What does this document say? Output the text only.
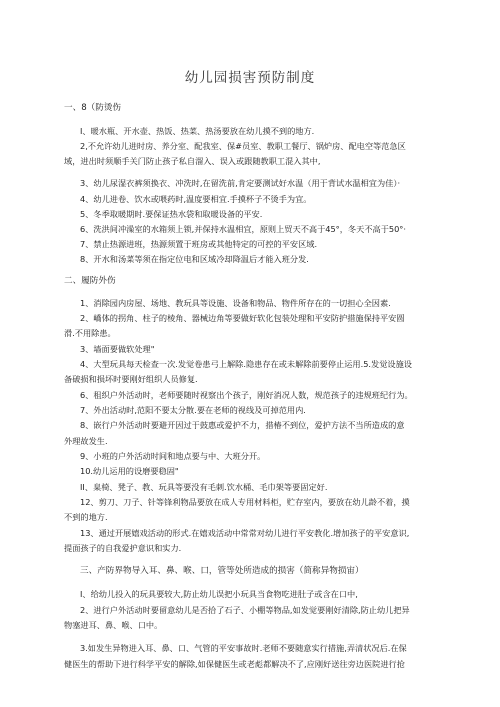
幼儿园损害预防制度
一、8（防烫伤
I、暖水瓶、开水壶、热饭、热菜、热汤要放在幼儿摸不到的地方.
2,不允许幼儿进时房、养分室、配我室、保#员室、教职工餐厅、锅炉房、配电空等范急区
域，进出时须顺手关门防止孩子私自溜入、误入或跟随教职工混入其中,
3、幼儿尿湿衣裤须换衣、冲洗时,在留洗前,肯定要测试好水温（用于背试水温相宜为佳）·
4、幼儿进卷、饮水或喂药时,温度要相宜.手摸杯子不烫手为宜。
5、冬季取暖期时.要保证热水袋和取暖设备的平安.
6、洗洪间冲澡室的水箱须上锁,并保持水温相宜，原则上贸天不高于45°，冬天不高于50°·
7、禁止热源进班，热源须置于班房或其他特定的可控的平安区域.
8、开水和汤菜等须在指定位电和区域冷却降温后才能入班分发.
二、履防外伤
1、消除园内房屋、场地、教玩具等设施、设备和物品、物件所存在的一切担心全因素.
2、嶠体的拐角、柱子的棱角、器械边角等要做好软化包装处理和平安防护措施保持平安圆
滑.不用除患。
3、墙面要做软处理"
4、大型玩具每天检查一次.发觉卷患弓上解除.隐患存在或未解除前要停止运用.5.发觉设施设
备破损和损坏时要刚好组织人员修复.
6、租织户外活动时，老师要随时视察出个孩子，刚好消况人数，规范孩子的违规班纪行为。
7、外出活动时,范阳不要太分散.要在老师的视线及可掉范用内.
8、嵌行户外活动时要避开因过于鼓惠或爱护不力，措椿不到位，爱护方法不当所造成的意
外理故发生.
9、小班的户外活动时间和地点要与中、大班分开。
10.幼儿运用的设磨要稳固"
II、臬椅、凳子、教、玩具等要没有毛刺.饮水桶、毛巾架等要固定好.
12、剪刀、刀子、针等锋利物品要放在成人专用材料柜，贮存室内，要放在幼儿龄不着，摸
不到的地方.
13、通过开展嬉戏活动的形式.在嬉戏活动中常常对幼儿进行平安教化.增加孩子的平安意识,
提面孩子的自我爱护意识和实力.
三、产防界物导入耳、鼻、喉、口，管等处所造成的损害（简称异物损宙）
I、给幼儿投入的玩具要较大,防止幼儿误把小玩具当食物吃进肚子或含在口中,
2、进行户外活动时要留意幼儿是否拾了石子、小棚等物品,如发觉要刚好清除,防止幼儿把异
物塞进耳、鼻、喉、口中。
3.如发生异物进入耳、鼻、口、气管的平安事故时.老师不要随意实行措施,弄清状况后.在保
健医生的帮助下进行科学平安的解除,如保健医生或老彪都解决不了,应刚好送往旁边医院进行抢
